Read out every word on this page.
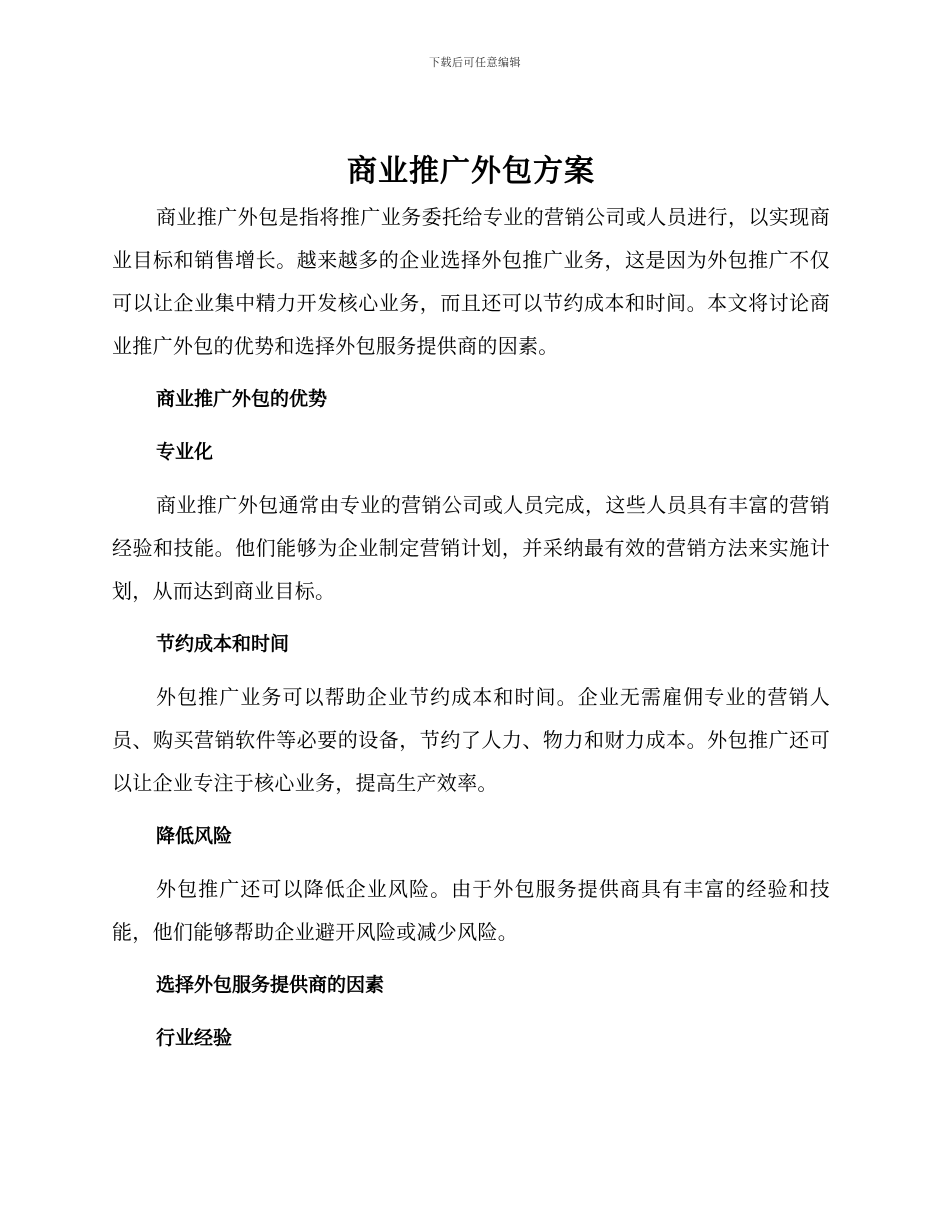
下载后可任意编辑
商业推广外包方案

商业推广外包是指将推广业务委托给专业的营销公司或人员进行，以实现商业目标和销售增长。越来越多的企业选择外包推广业务，这是因为外包推广不仅可以让企业集中精力开发核心业务，而且还可以节约成本和时间。本文将讨论商业推广外包的优势和选择外包服务提供商的因素。

商业推广外包的优势
专业化

商业推广外包通常由专业的营销公司或人员完成，这些人员具有丰富的营销经验和技能。他们能够为企业制定营销计划，并采纳最有效的营销方法来实施计划，从而达到商业目标。

节约成本和时间

外包推广业务可以帮助企业节约成本和时间。企业无需雇佣专业的营销人员、购买营销软件等必要的设备，节约了人力、物力和财力成本。外包推广还可以让企业专注于核心业务，提高生产效率。

降低风险

外包推广还可以降低企业风险。由于外包服务提供商具有丰富的经验和技能，他们能够帮助企业避开风险或减少风险。

选择外包服务提供商的因素
行业经验
